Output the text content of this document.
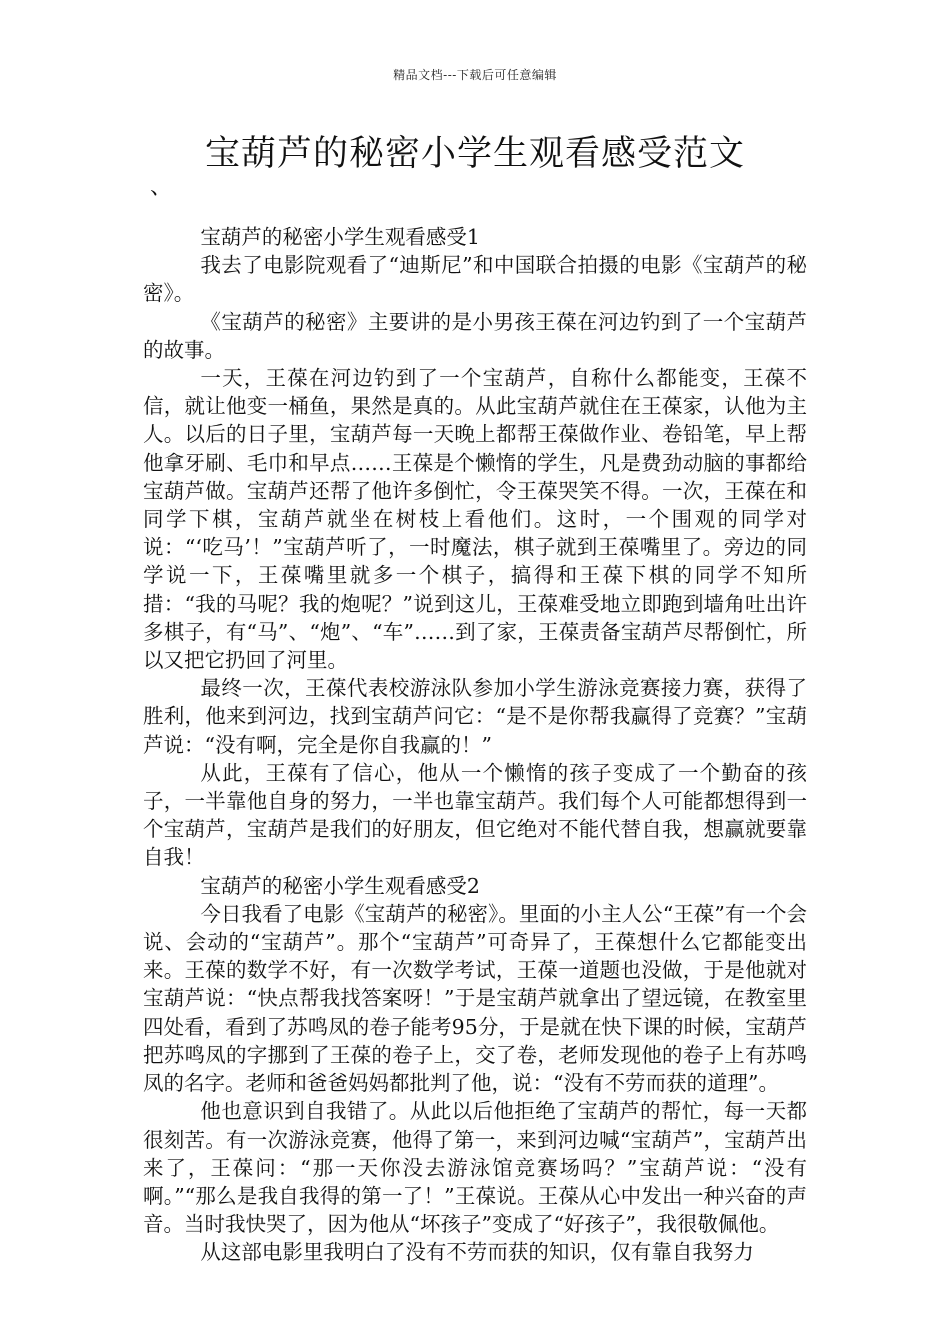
精品文档---下载后可任意编辑
宝葫芦的秘密小学生观看感受范文
、

宝葫芦的秘密小学生观看感受1

我去了电影院观看了“迪斯尼”和中国联合拍摄的电影《宝葫芦的秘密》。

《宝葫芦的秘密》主要讲的是小男孩王葆在河边钓到了一个宝葫芦的故事。

一天，王葆在河边钓到了一个宝葫芦，自称什么都能变，王葆不信，就让他变一桶鱼，果然是真的。从此宝葫芦就住在王葆家，认他为主人。以后的日子里，宝葫芦每一天晚上都帮王葆做作业、卷铅笔，早上帮他拿牙刷、毛巾和早点……王葆是个懒惰的学生，凡是费劲动脑的事都给宝葫芦做。宝葫芦还帮了他许多倒忙，令王葆哭笑不得。一次，王葆在和同学下棋，宝葫芦就坐在树枝上看他们。这时，一个围观的同学对说：“‘吃马’！”宝葫芦听了，一时魔法，棋子就到王葆嘴里了。旁边的同学说一下，王葆嘴里就多一个棋子，搞得和王葆下棋的同学不知所措：“我的马呢？我的炮呢？”说到这儿，王葆难受地立即跑到墙角吐出许多棋子，有“马”、“炮”、“车”……到了家，王葆责备宝葫芦尽帮倒忙，所以又把它扔回了河里。

最终一次，王葆代表校游泳队参加小学生游泳竞赛接力赛，获得了胜利，他来到河边，找到宝葫芦问它：“是不是你帮我赢得了竞赛？”宝葫芦说：“没有啊，完全是你自我赢的！”

从此，王葆有了信心，他从一个懒惰的孩子变成了一个勤奋的孩子，一半靠他自身的努力，一半也靠宝葫芦。我们每个人可能都想得到一个宝葫芦，宝葫芦是我们的好朋友，但它绝对不能代替自我，想赢就要靠自我！

宝葫芦的秘密小学生观看感受2

今日我看了电影《宝葫芦的秘密》。里面的小主人公“王葆”有一个会说、会动的“宝葫芦”。那个“宝葫芦”可奇异了，王葆想什么它都能变出来。王葆的数学不好，有一次数学考试，王葆一道题也没做，于是他就对宝葫芦说：“快点帮我找答案呀！”于是宝葫芦就拿出了望远镜，在教室里四处看，看到了苏鸣凤的卷子能考95分，于是就在快下课的时候，宝葫芦把苏鸣凤的字挪到了王葆的卷子上，交了卷，老师发现他的卷子上有苏鸣凤的名字。老师和爸爸妈妈都批判了他，说：“没有不劳而获的道理”。

他也意识到自我错了。从此以后他拒绝了宝葫芦的帮忙，每一天都很刻苦。有一次游泳竞赛，他得了第一，来到河边喊“宝葫芦”，宝葫芦出来了，王葆问：“那一天你没去游泳馆竞赛场吗？”宝葫芦说：“没有啊。”“那么是我自我得的第一了！”王葆说。王葆从心中发出一种兴奋的声音。当时我快哭了，因为他从“坏孩子”变成了“好孩子”，我很敬佩他。

从这部电影里我明白了没有不劳而获的知识，仅有靠自我努力
